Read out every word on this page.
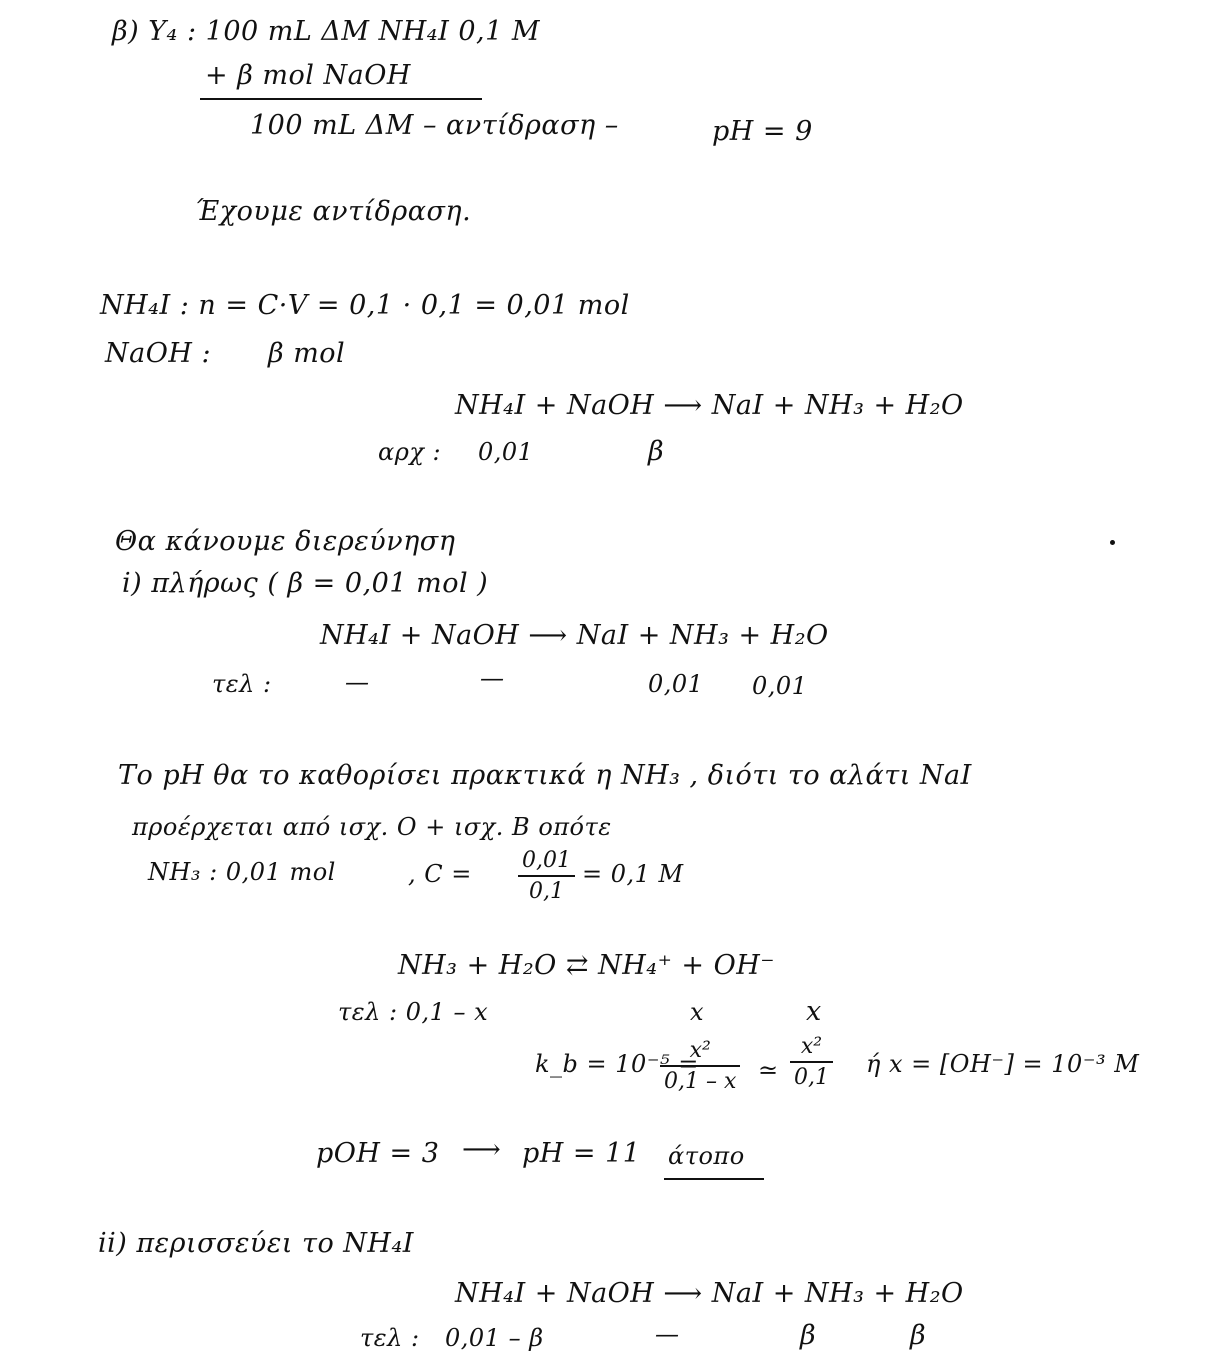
β) Y₄ : 100 mL ΔΜ NH₄I 0,1 M
+ β mol NaOH
100 mL ΔΜ – αντίδραση –	pH = 9
Έχουμε αντίδραση.
NH₄I : n = C·V = 0,1 · 0,1 = 0,01 mol
NaOH : β mol
NH₄I + NaOH ⟶ NaI + NH₃ + H₂O
αρχ : 0,01	β
Θα κάνουμε διερεύνηση
i) πλήρως ( β = 0,01 mol )
NH₄I + NaOH ⟶ NaI + NH₃ + H₂O
τελ :	—	—	0,01 0,01
Το pH θα το καθορίσει πρακτικά η NH₃ , διότι το αλάτι NaI
προέρχεται από ισχ. Ο + ισχ. Β οπότε
NH₃ : 0,01 mol	, C = 0,01
0,1
= 0,1 M
NH₃ + H₂O ⇄ NH₄⁺ + OH⁻
τελ : 0,1 – x	x	x
k_b = 10⁻⁵ =
x²
0,1 – x ≃
x²
0,1 ή x = [OH⁻] = 10⁻³ M
pOH = 3 ⟶ pH = 11 άτοπο
ii) περισσεύει το NH₄I
NH₄I + NaOH ⟶ NaI + NH₃ + H₂O
τελ : 0,01 – β	—	β	β
